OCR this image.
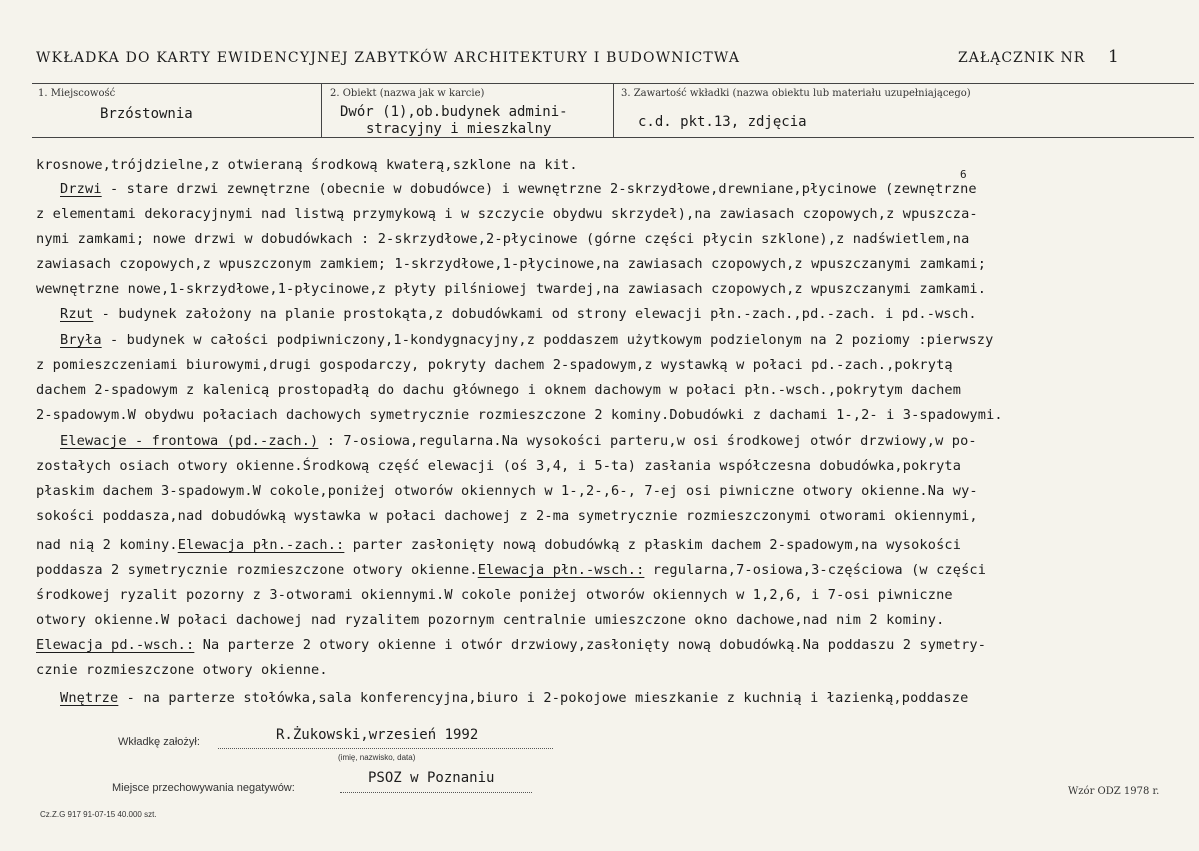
WKŁADKA DO KARTY EWIDENCYJNEJ ZABYTKÓW ARCHITEKTURY I BUDOWNICTWA	ZAŁĄCZNIK NR 1
1. Miejscowość
Brzóstownia
2. Obiekt (nazwa jak w karcie)
Dwór (1),ob.budynek admini-
stracyjny i mieszkalny
3. Zawartość wkładki (nazwa obiektu lub materiału uzupełniającego)
c.d. pkt.13, zdjęcia
krosnowe,trójdzielne,z otwieraną środkową kwaterą,szklone na kit.
Drzwi - stare drzwi zewnętrzne (obecnie w dobudówce) i wewnętrzne 2-skrzydłowe,drewniane,płycinowe (zewnętrzne
6
z elementami dekoracyjnymi nad listwą przymykową i w szczycie obydwu skrzydeł),na zawiasach czopowych,z wpuszcza-
nymi zamkami; nowe drzwi w dobudówkach : 2-skrzydłowe,2-płycinowe (górne części płycin szklone),z nadświetlem,na
zawiasach czopowych,z wpuszczonym zamkiem; 1-skrzydłowe,1-płycinowe,na zawiasach czopowych,z wpuszczanymi zamkami;
wewnętrzne nowe,1-skrzydłowe,1-płycinowe,z płyty pilśniowej twardej,na zawiasach czopowych,z wpuszczanymi zamkami.
Rzut - budynek założony na planie prostokąta,z dobudówkami od strony elewacji płn.-zach.,pd.-zach. i pd.-wsch.
Bryła - budynek w całości podpiwniczony,1-kondygnacyjny,z poddaszem użytkowym podzielonym na 2 poziomy :pierwszy
z pomieszczeniami biurowymi,drugi gospodarczy, pokryty dachem 2-spadowym,z wystawką w połaci pd.-zach.,pokrytą
dachem 2-spadowym z kalenicą prostopadłą do dachu głównego i oknem dachowym w połaci płn.-wsch.,pokrytym dachem
2-spadowym.W obydwu połaciach dachowych symetrycznie rozmieszczone 2 kominy.Dobudówki z dachami 1-,2- i 3-spadowymi.
Elewacje - frontowa (pd.-zach.) : 7-osiowa,regularna.Na wysokości parteru,w osi środkowej otwór drzwiowy,w po-
zostałych osiach otwory okienne.Środkową część elewacji (oś 3,4, i 5-ta) zasłania współczesna dobudówka,pokryta
płaskim dachem 3-spadowym.W cokole,poniżej otworów okiennych w 1-,2-,6-, 7-ej osi piwniczne otwory okienne.Na wy-
sokości poddasza,nad dobudówką wystawka w połaci dachowej z 2-ma symetrycznie rozmieszczonymi otworami okiennymi,
nad nią 2 kominy.Elewacja płn.-zach.: parter zasłonięty nową dobudówką z płaskim dachem 2-spadowym,na wysokości
poddasza 2 symetrycznie rozmieszczone otwory okienne.Elewacja płn.-wsch.: regularna,7-osiowa,3-częściowa (w części
środkowej ryzalit pozorny z 3-otworami okiennymi.W cokole poniżej otworów okiennych w 1,2,6, i 7-osi piwniczne
otwory okienne.W połaci dachowej nad ryzalitem pozornym centralnie umieszczone okno dachowe,nad nim 2 kominy.
Elewacja pd.-wsch.: Na parterze 2 otwory okienne i otwór drzwiowy,zasłonięty nową dobudówką.Na poddaszu 2 symetry-
cznie rozmieszczone otwory okienne.
Wnętrze - na parterze stołówka,sala konferencyjna,biuro i 2-pokojowe mieszkanie z kuchnią i łazienką,poddasze
Wkładkę założył:	R.Żukowski,wrzesień 1992
(imię, nazwisko, data)
Miejsce przechowywania negatywów:
PSOZ w Poznaniu
Cz.Z.G 917 91-07-15 40.000 szt.
Wzór ODZ 1978 r.
